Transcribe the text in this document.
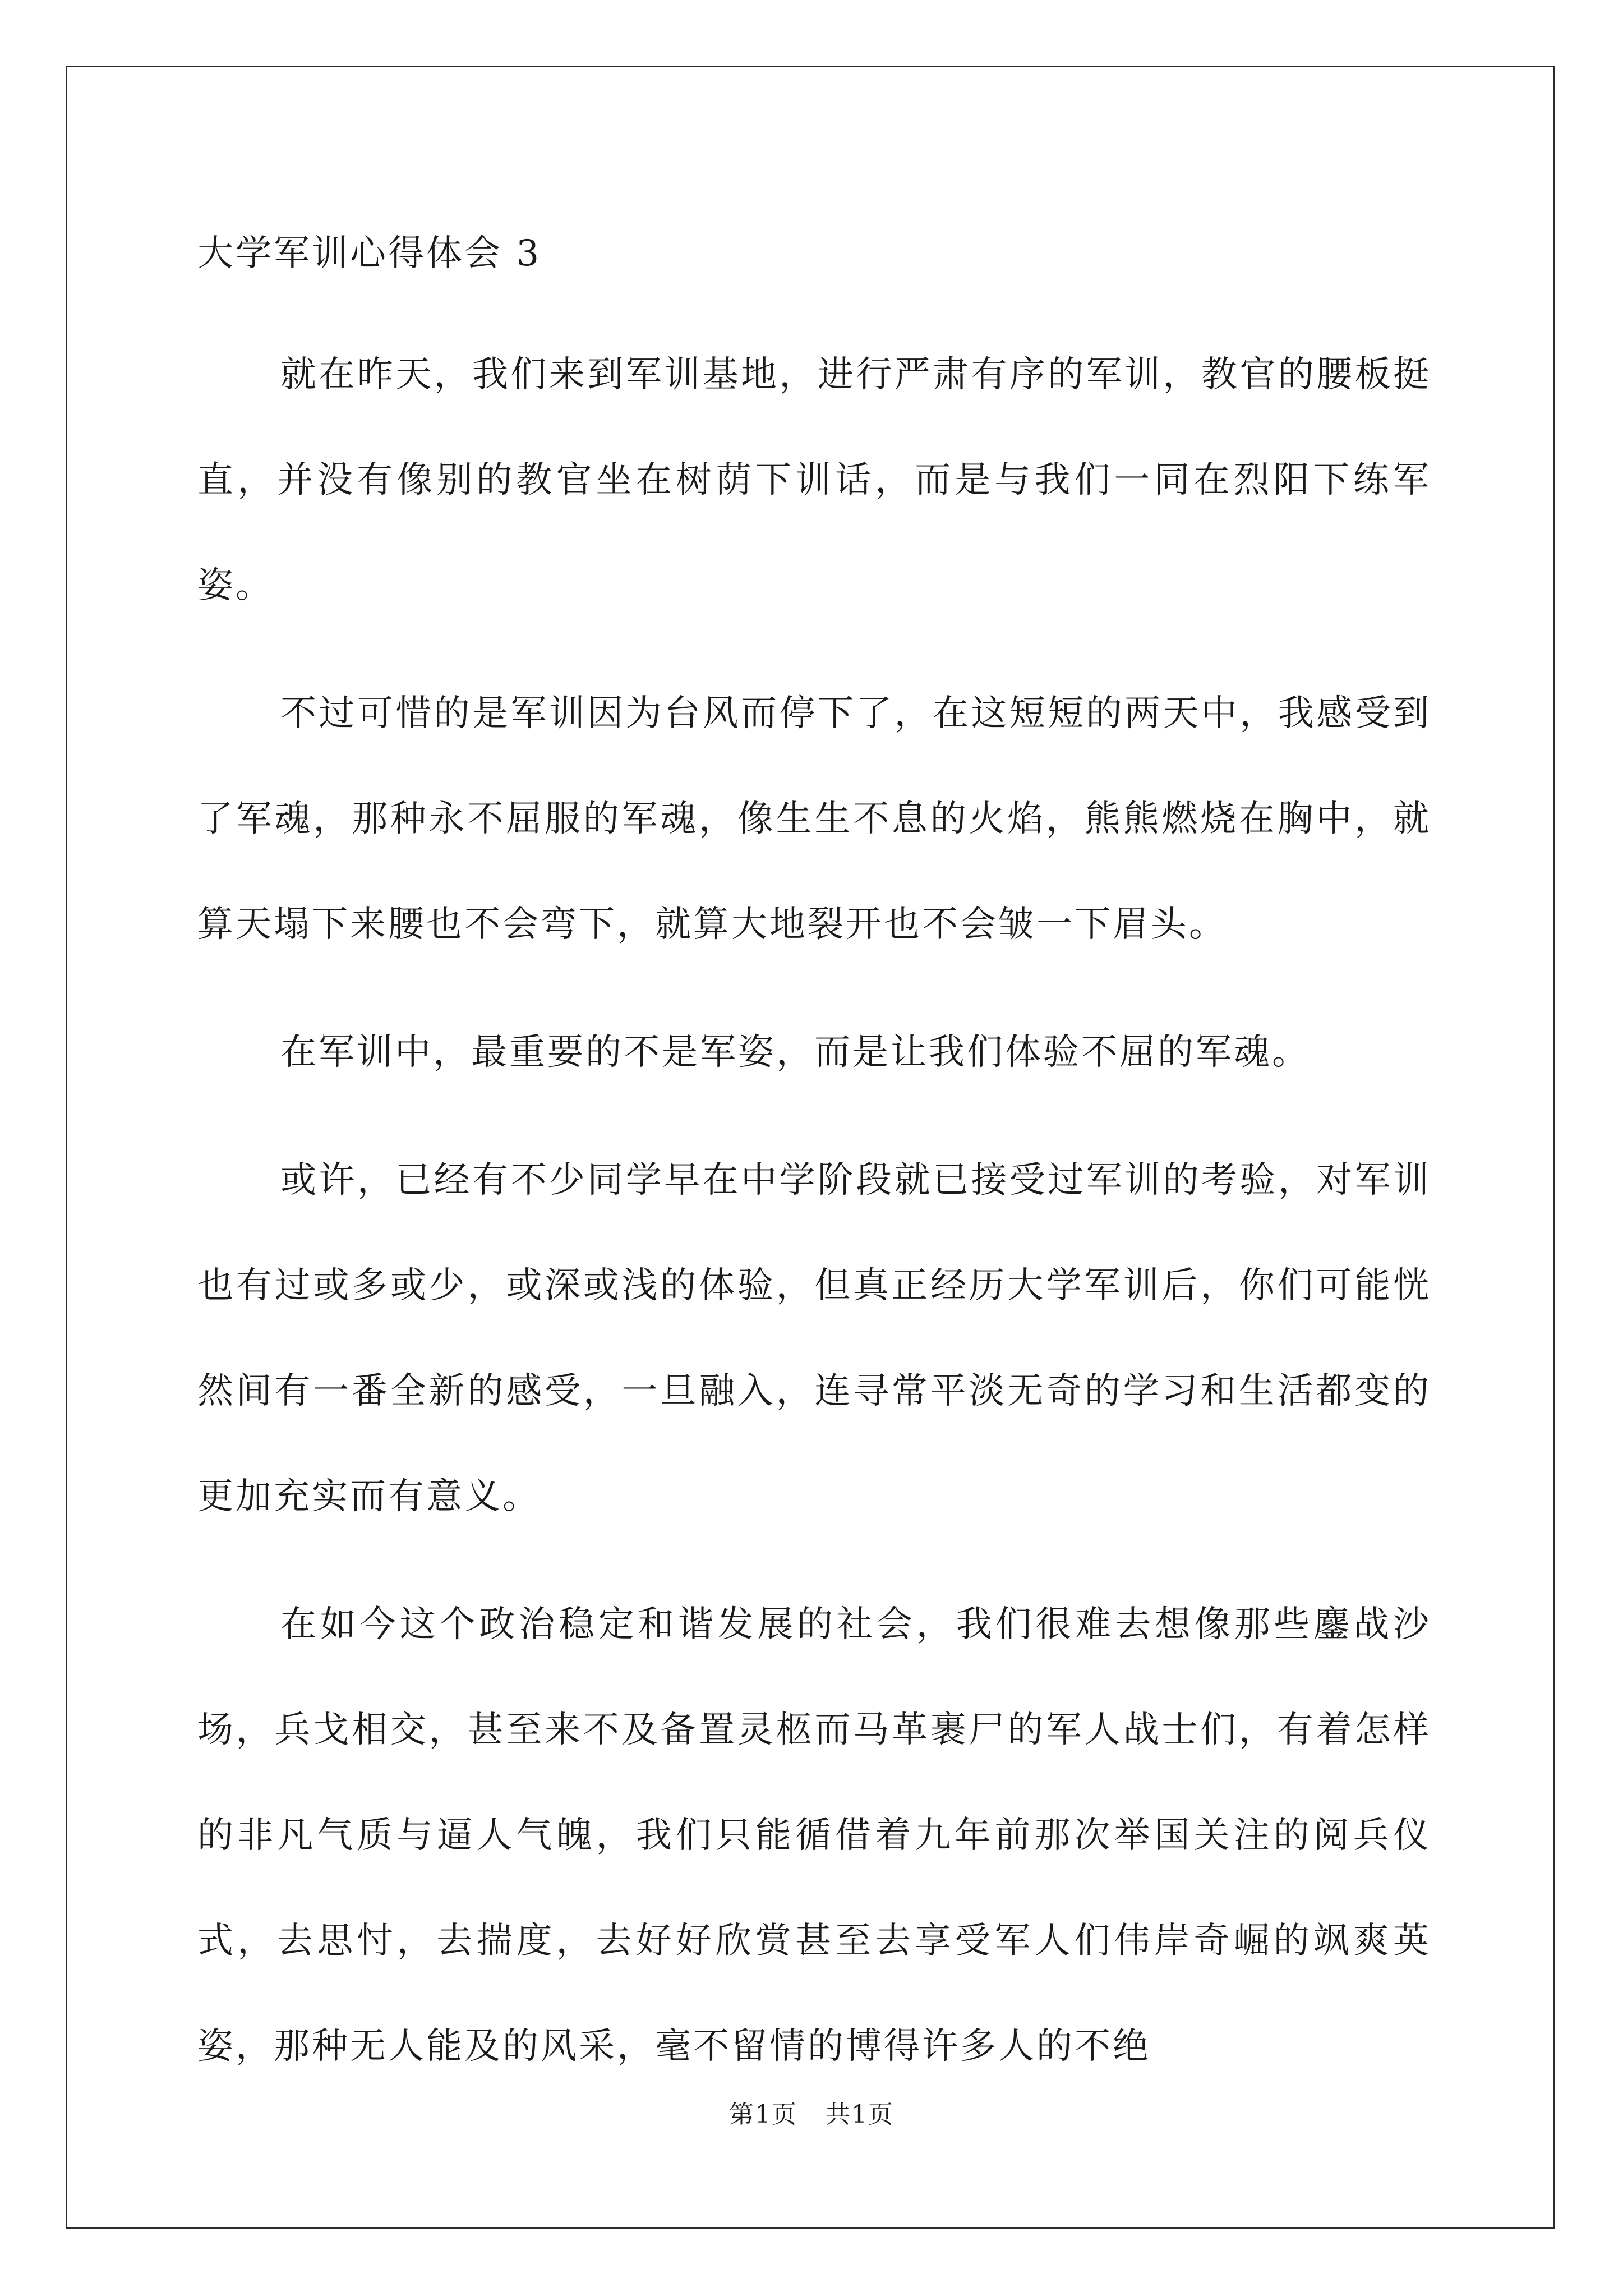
大学军训心得体会 3

就在昨天，我们来到军训基地，进行严肃有序的军训，教官的腰板挺直，并没有像别的教官坐在树荫下训话，而是与我们一同在烈阳下练军姿。

不过可惜的是军训因为台风而停下了，在这短短的两天中，我感受到了军魂，那种永不屈服的军魂，像生生不息的火焰，熊熊燃烧在胸中，就算天塌下来腰也不会弯下，就算大地裂开也不会皱一下眉头。

在军训中，最重要的不是军姿，而是让我们体验不屈的军魂。

或许，已经有不少同学早在中学阶段就已接受过军训的考验，对军训也有过或多或少，或深或浅的体验，但真正经历大学军训后，你们可能恍然间有一番全新的感受，一旦融入，连寻常平淡无奇的学习和生活都变的更加充实而有意义。

在如今这个政治稳定和谐发展的社会，我们很难去想像那些鏖战沙场，兵戈相交，甚至来不及备置灵柩而马革裹尸的军人战士们，有着怎样的非凡气质与逼人气魄，我们只能循借着九年前那次举国关注的阅兵仪式，去思忖，去揣度，去好好欣赏甚至去享受军人们伟岸奇崛的飒爽英姿，那种无人能及的风采，毫不留情的博得许多人的不绝

第1页 共1页
